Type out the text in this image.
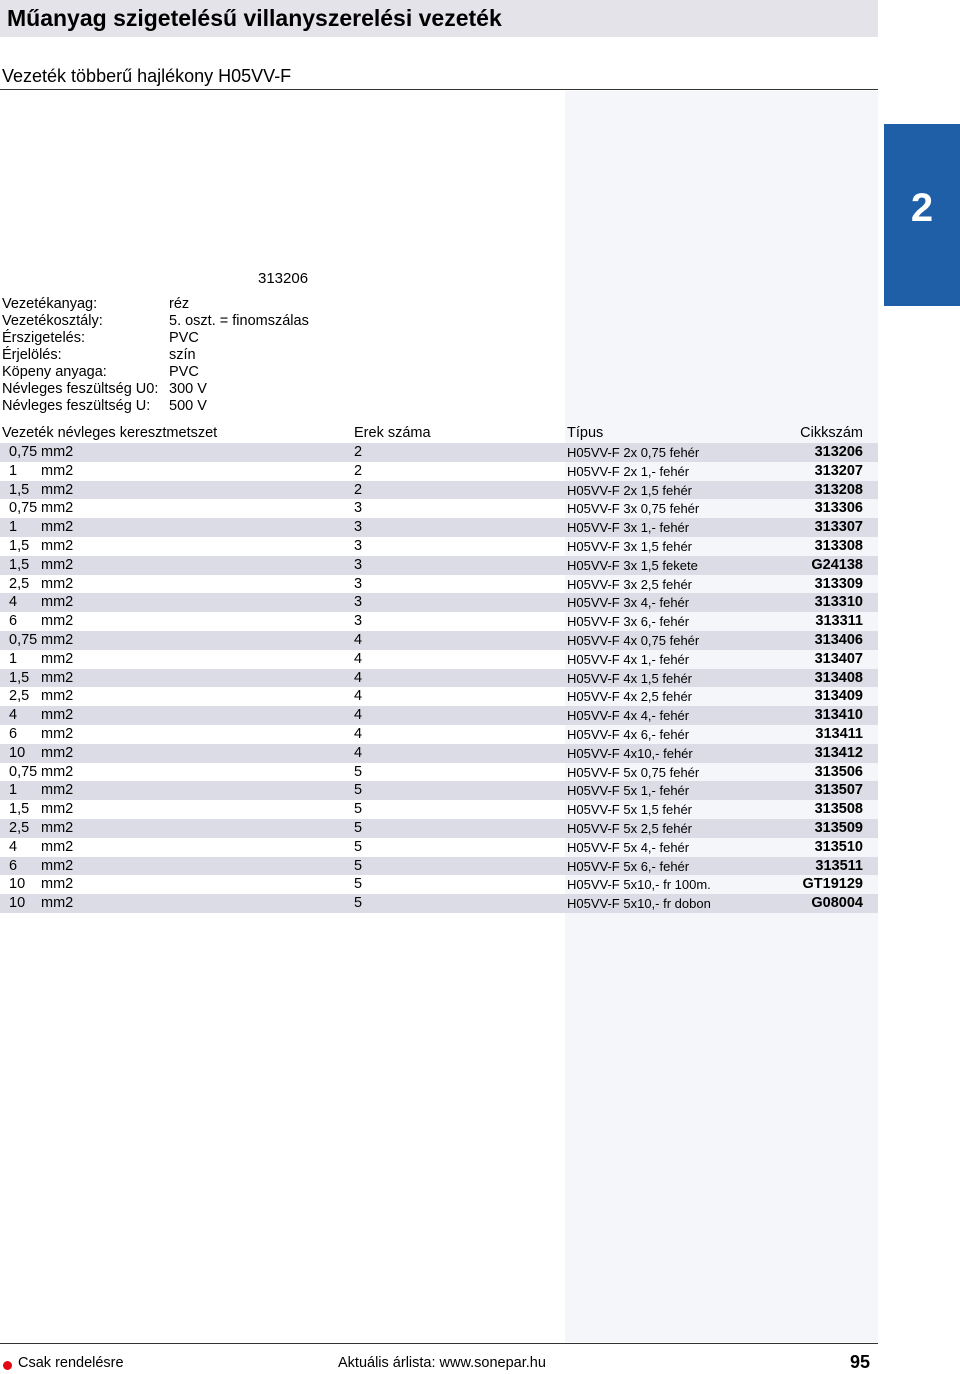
Műanyag szigetelésű villanyszerelési vezeték
Vezeték többerű hajlékony H05VV-F
2
313206
Vezetékanyag:	réz
Vezetékosztály:	5. oszt. = finomszálas
Érszigetelés:	PVC
Érjelölés:	szín
Köpeny anyaga:	PVC
Névleges feszültség U0: 300 V
Névleges feszültség U:	500 V
Vezeték névleges keresztmetszet	Erek száma	Típus	Cikkszám
0,75 mm2	2	H05VV-F 2x 0,75 fehér	313206
1 mm2	2	H05VV-F 2x 1,- fehér	313207
1,5 mm2	2	H05VV-F 2x 1,5 fehér	313208
0,75 mm2	3	H05VV-F 3x 0,75 fehér	313306
1 mm2	3	H05VV-F 3x 1,- fehér	313307
1,5 mm2	3	H05VV-F 3x 1,5 fehér	313308
1,5 mm2	3	H05VV-F 3x 1,5 fekete	G24138
2,5 mm2	3	H05VV-F 3x 2,5 fehér	313309
4 mm2	3	H05VV-F 3x 4,- fehér	313310
6 mm2	3	H05VV-F 3x 6,- fehér	313311
0,75 mm2	4	H05VV-F 4x 0,75 fehér	313406
1 mm2	4	H05VV-F 4x 1,- fehér	313407
1,5 mm2	4	H05VV-F 4x 1,5 fehér	313408
2,5 mm2	4	H05VV-F 4x 2,5 fehér	313409
4 mm2	4	H05VV-F 4x 4,- fehér	313410
6 mm2	4	H05VV-F 4x 6,- fehér	313411
10 mm2	4	H05VV-F 4x10,- fehér	313412
0,75 mm2	5	H05VV-F 5x 0,75 fehér	313506
1 mm2	5	H05VV-F 5x 1,- fehér	313507
1,5 mm2	5	H05VV-F 5x 1,5 fehér	313508
2,5 mm2	5	H05VV-F 5x 2,5 fehér	313509
4 mm2	5	H05VV-F 5x 4,- fehér	313510
6 mm2	5	H05VV-F 5x 6,- fehér	313511
10 mm2	5	H05VV-F 5x10,- fr 100m.	GT19129
10 mm2	5	H05VV-F 5x10,- fr dobon	G08004
Csak rendelésre	Aktuális árlista: www.sonepar.hu	95
